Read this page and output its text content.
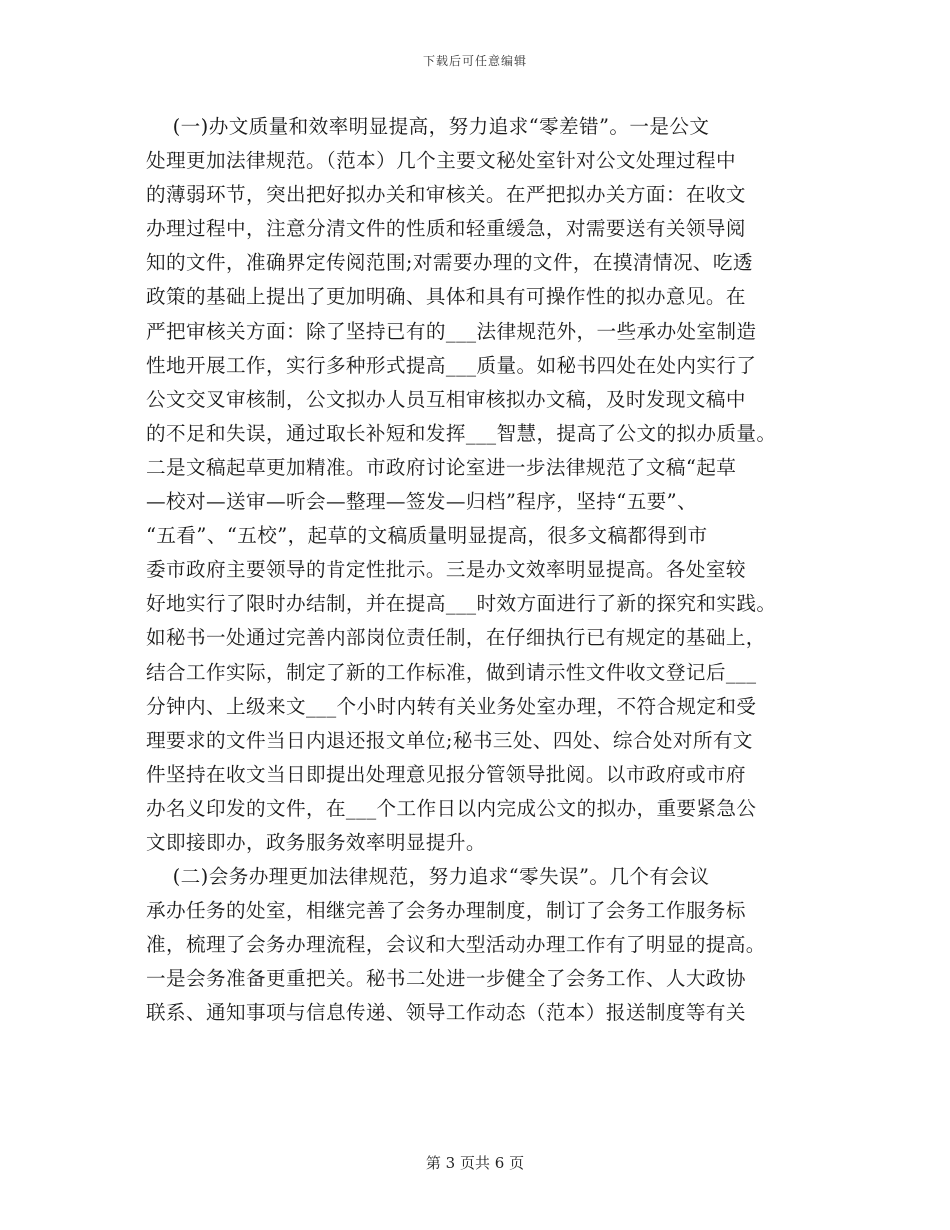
下载后可任意编辑
　 (一)办文质量和效率明显提高，努力追求“零差错”。一是公文
处理更加法律规范。（范本）几个主要文秘处室针对公文处理过程中
的薄弱环节，突出把好拟办关和审核关。在严把拟办关方面：在收文
办理过程中，注意分清文件的性质和轻重缓急，对需要送有关领导阅
知的文件，准确界定传阅范围;对需要办理的文件，在摸清情况、吃透
政策的基础上提出了更加明确、具体和具有可操作性的拟办意见。在
严把审核关方面：除了坚持已有的___法律规范外，一些承办处室制造
性地开展工作，实行多种形式提高___质量。如秘书四处在处内实行了
公文交叉审核制，公文拟办人员互相审核拟办文稿，及时发现文稿中
的不足和失误，通过取长补短和发挥___智慧，提高了公文的拟办质量。
二是文稿起草更加精准。市政府讨论室进一步法律规范了文稿“起草
—校对—送审—听会—整理—签发—归档”程序，坚持“五要”、
“五看”、“五校”，起草的文稿质量明显提高，很多文稿都得到市
委市政府主要领导的肯定性批示。三是办文效率明显提高。各处室较
好地实行了限时办结制，并在提高___时效方面进行了新的探究和实践。
如秘书一处通过完善内部岗位责任制，在仔细执行已有规定的基础上，
结合工作实际，制定了新的工作标准，做到请示性文件收文登记后___
分钟内、上级来文___个小时内转有关业务处室办理，不符合规定和受
理要求的文件当日内退还报文单位;秘书三处、四处、综合处对所有文
件坚持在收文当日即提出处理意见报分管领导批阅。以市政府或市府
办名义印发的文件，在___个工作日以内完成公文的拟办，重要紧急公
文即接即办，政务服务效率明显提升。
　 (二)会务办理更加法律规范，努力追求“零失误”。几个有会议
承办任务的处室，相继完善了会务办理制度，制订了会务工作服务标
准，梳理了会务办理流程，会议和大型活动办理工作有了明显的提高。
一是会务准备更重把关。秘书二处进一步健全了会务工作、人大政协
联系、通知事项与信息传递、领导工作动态（范本）报送制度等有关
第 3 页共 6 页
